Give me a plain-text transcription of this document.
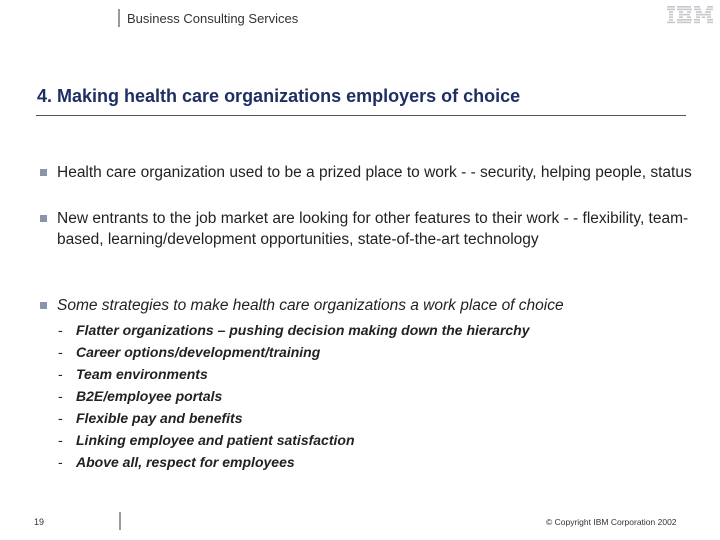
Business Consulting Services
4. Making health care organizations employers of choice
Health care organization used to be a prized place to work - - security, helping people, status
New entrants to the job market are looking for other features to their work - - flexibility, team-based, learning/development opportunities, state-of-the-art technology
Some strategies to make health care organizations a work place of choice
- Flatter organizations – pushing decision making down the hierarchy
- Career options/development/training
- Team environments
- B2E/employee portals
- Flexible pay and benefits
- Linking employee and patient satisfaction
- Above all, respect for employees
19	© Copyright IBM Corporation 2002
